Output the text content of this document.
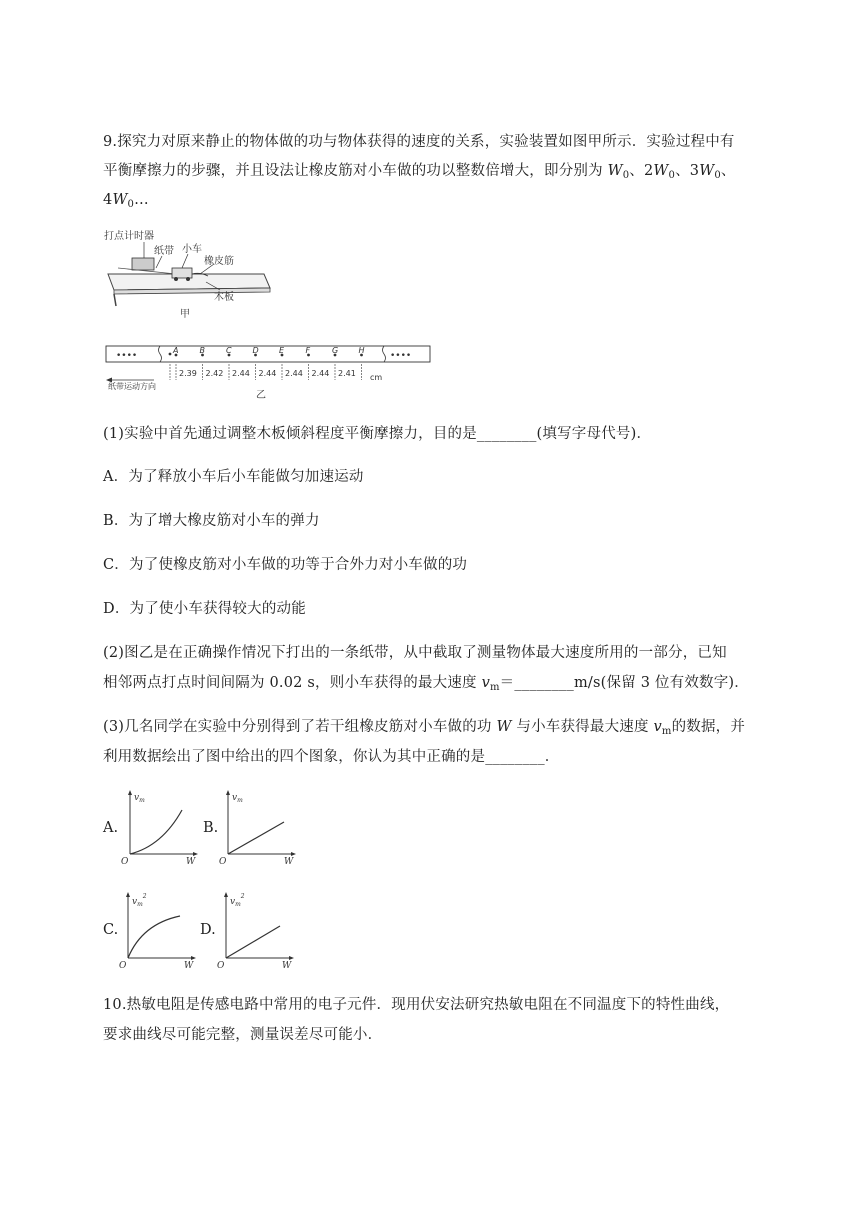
9.探究力对原来静止的物体做的功与物体获得的速度的关系，实验装置如图甲所示．实验过程中有
平衡摩擦力的步骤，并且设法让橡皮筋对小车做的功以整数倍增大，即分别为 $W_0$、$2W_0$、$3W_0$、
$4W_0\dots$
打点计时器
纸带 小车
橡皮筋
木板
甲
••••	••••
A	B	C	D	E	F	G	H
2.39 2.42 2.44 2.44 2.44 2.44 2.41 cm
纸带运动方向
乙
(1)实验中首先通过调整木板倾斜程度平衡摩擦力，目的是________(填写字母代号)．
A．为了释放小车后小车能做匀加速运动
B．为了增大橡皮筋对小车的弹力
C．为了使橡皮筋对小车做的功等于合外力对小车做的功
D．为了使小车获得较大的动能
(2)图乙是在正确操作情况下打出的一条纸带，从中截取了测量物体最大速度所用的一部分，已知
相邻两点打点时间间隔为 0.02 s，则小车获得的最大速度 $v_m=\_\_\_\_\_\_\_\_m/s$(保留 3 位有效数字)．
(3)几名同学在实验中分别得到了若干组橡皮筋对小车做的功 W 与小车获得最大速度 $v_m$的数据，并
利用数据绘出了图中给出的四个图象，你认为其中正确的是________．
A.	B.
C.	D.
$v_m$
O	W
$v_m$
O	W
$v_m^2$
O	W
$v_m^2$
O	W
10.热敏电阻是传感电路中常用的电子元件．现用伏安法研究热敏电阻在不同温度下的特性曲线，
要求曲线尽可能完整，测量误差尽可能小．
